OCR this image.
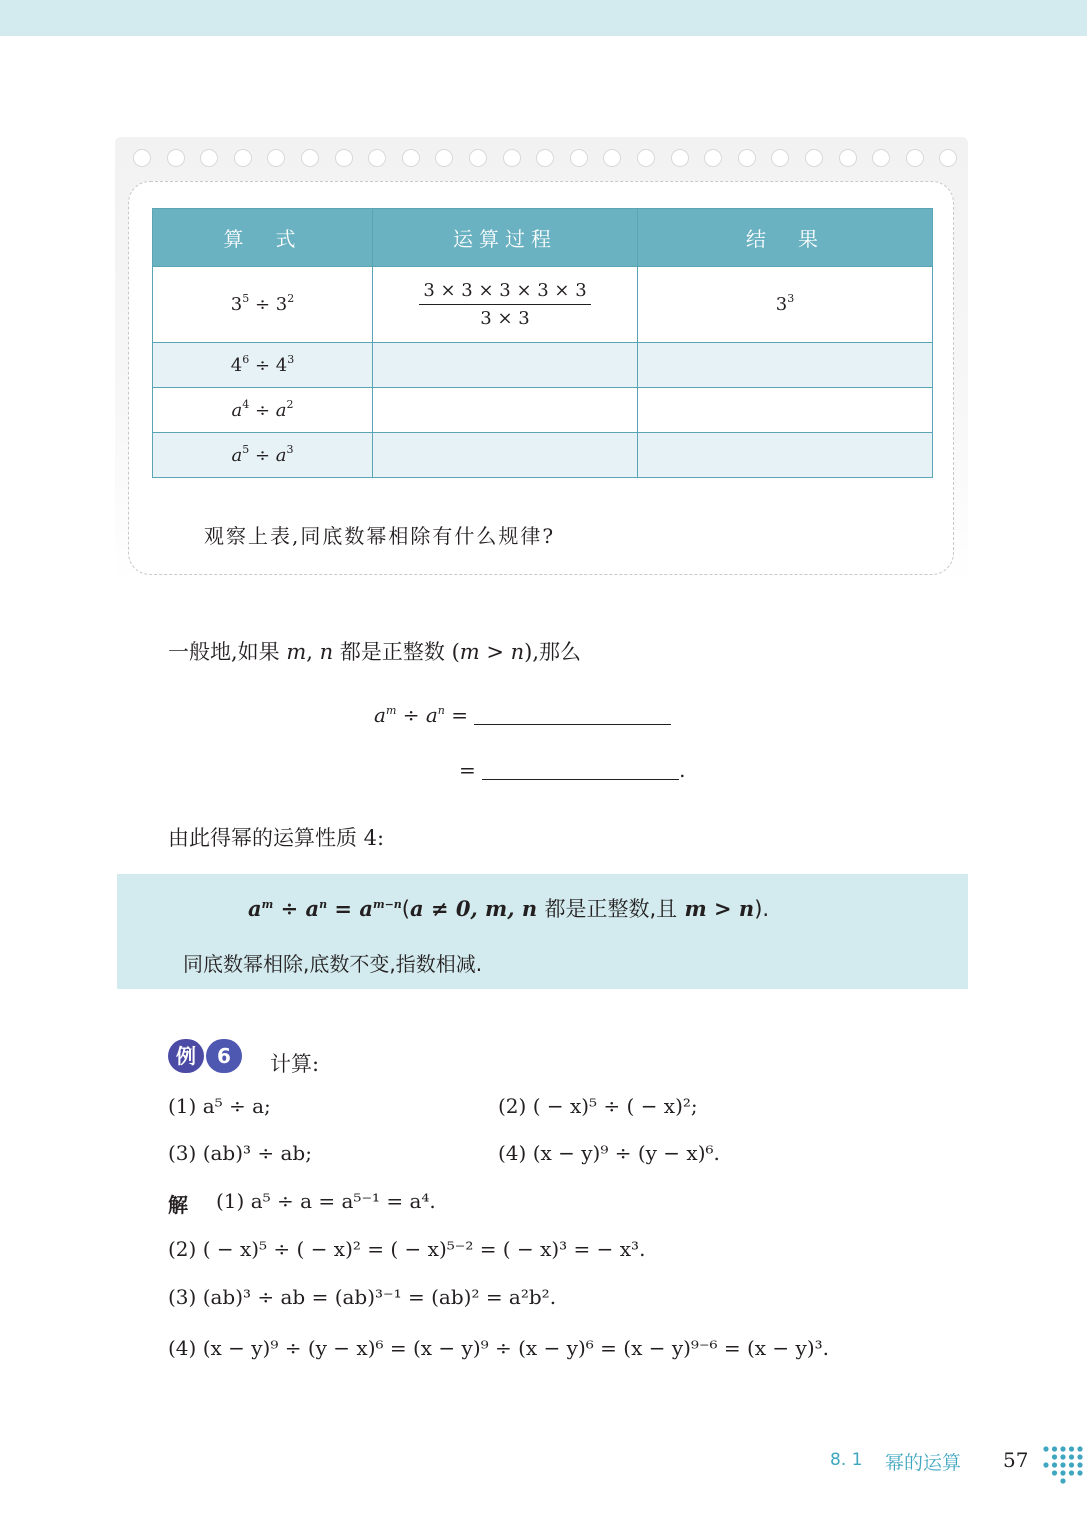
算　式	运算过程	结　果
$3^5 \div 3^2$	$\frac{3 \times 3 \times 3 \times 3 \times 3}{3 \times 3}$	$3^3$
$4^6 \div 4^3$		
$a^4 \div a^2$		
$a^5 \div a^3$		
观察上表,同底数幂相除有什么规律?
一般地,如果 m, n 都是正整数 (m > n),那么
$a^m \div a^n$ =
=	.
由此得幂的运算性质 4:
$a^m \div a^n = a^{m-n}(a \ne 0$, m, n 都是正整数,且 m > n).
同底数幂相除,底数不变,指数相减.
例	6	计算:
(1) a⁵ ÷ a;	(2) ( − x)⁵ ÷ ( − x)²;
(3) (ab)³ ÷ ab;	(4) (x − y)⁹ ÷ (y − x)⁶.
解 (1) a⁵ ÷ a = a⁵⁻¹ = a⁴.
(2) ( − x)⁵ ÷ ( − x)² = ( − x)⁵⁻² = ( − x)³ = − x³.
(3) (ab)³ ÷ ab = (ab)³⁻¹ = (ab)² = a²b².
(4) (x − y)⁹ ÷ (y − x)⁶ = (x − y)⁹ ÷ (x − y)⁶ = (x − y)⁹⁻⁶ = (x − y)³.
8. 1 幂的运算 57
